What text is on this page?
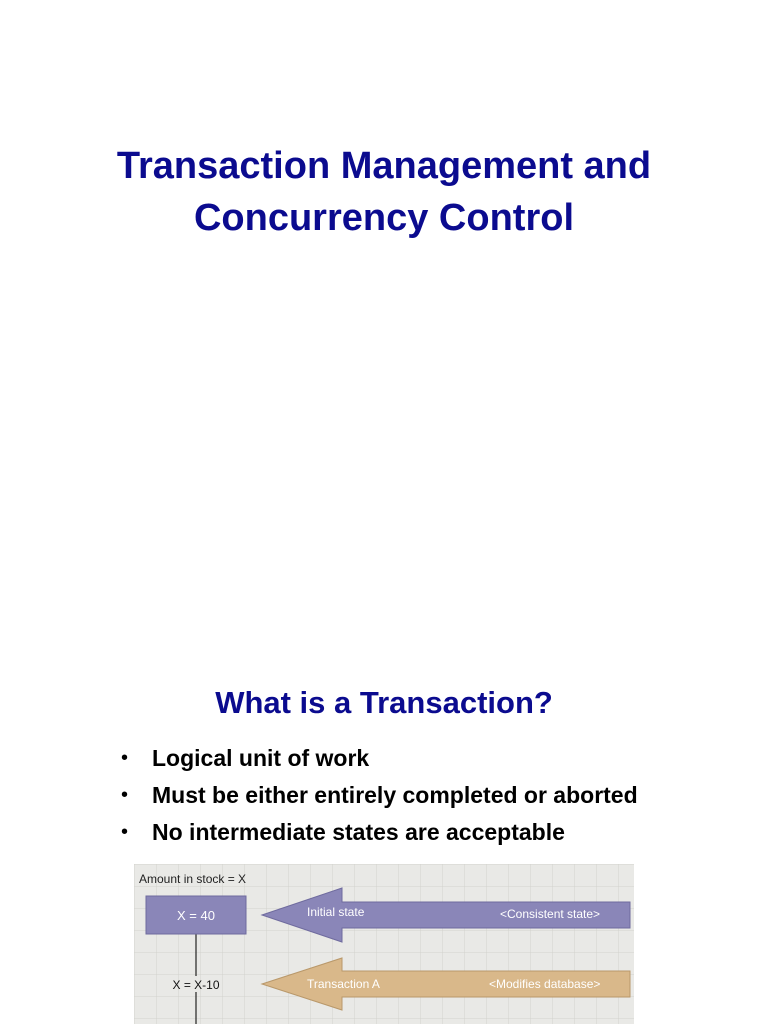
Transaction Management and
Concurrency Control
What is a Transaction?
• Logical unit of work
• Must be either entirely completed or aborted
• No intermediate states are acceptable
Amount in stock = X
X = 40	Initial state	<Consistent state>
X = X-10	Transaction A	<Modifies database>
